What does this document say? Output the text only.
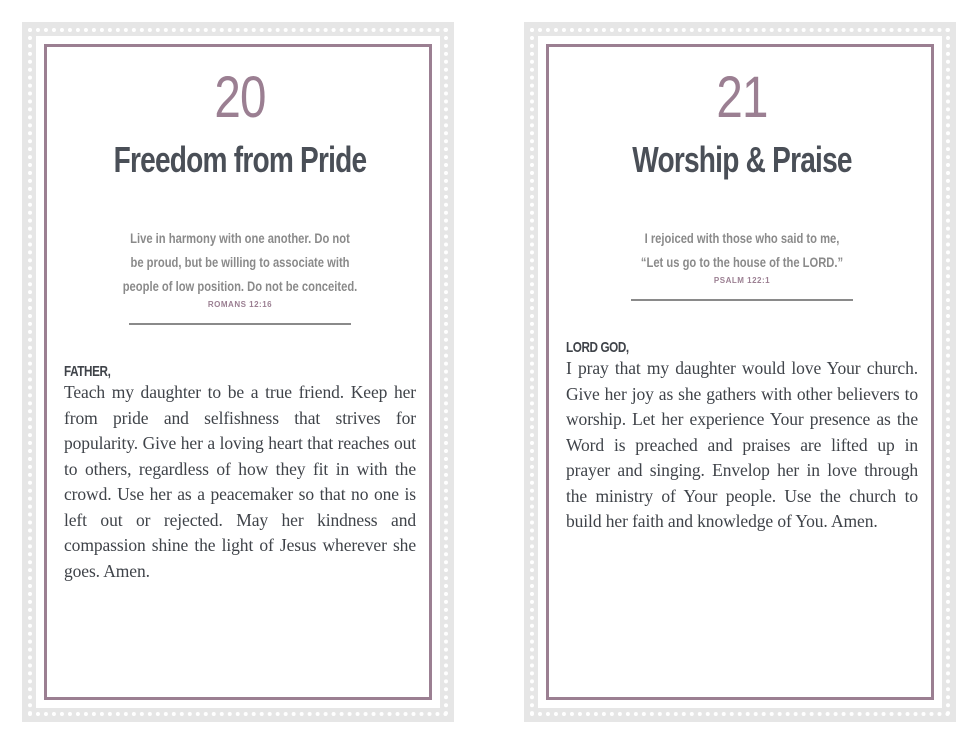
20
Freedom from Pride
Live in harmony with one another. Do not
be proud, but be willing to associate with
people of low position. Do not be conceited.
ROMANS 12:16
FATHER,

Teach my daughter to be a true friend. Keep her from pride and selfishness that strives for popularity. Give her a loving heart that reaches out to others, regardless of how they fit in with the crowd. Use her as a peacemaker so that no one is left out or rejected. May her kindness and compassion shine the light of Jesus wherever she goes. Amen.

21
Worship & Praise
I rejoiced with those who said to me,
“Let us go to the house of the LORD.”
PSALM 122:1
LORD GOD,

I pray that my daughter would love Your church. Give her joy as she gathers with other believers to worship. Let her experience Your presence as the Word is preached and praises are lifted up in prayer and singing. Envelop her in love through the ministry of Your people. Use the church to build her faith and knowledge of You. Amen.
